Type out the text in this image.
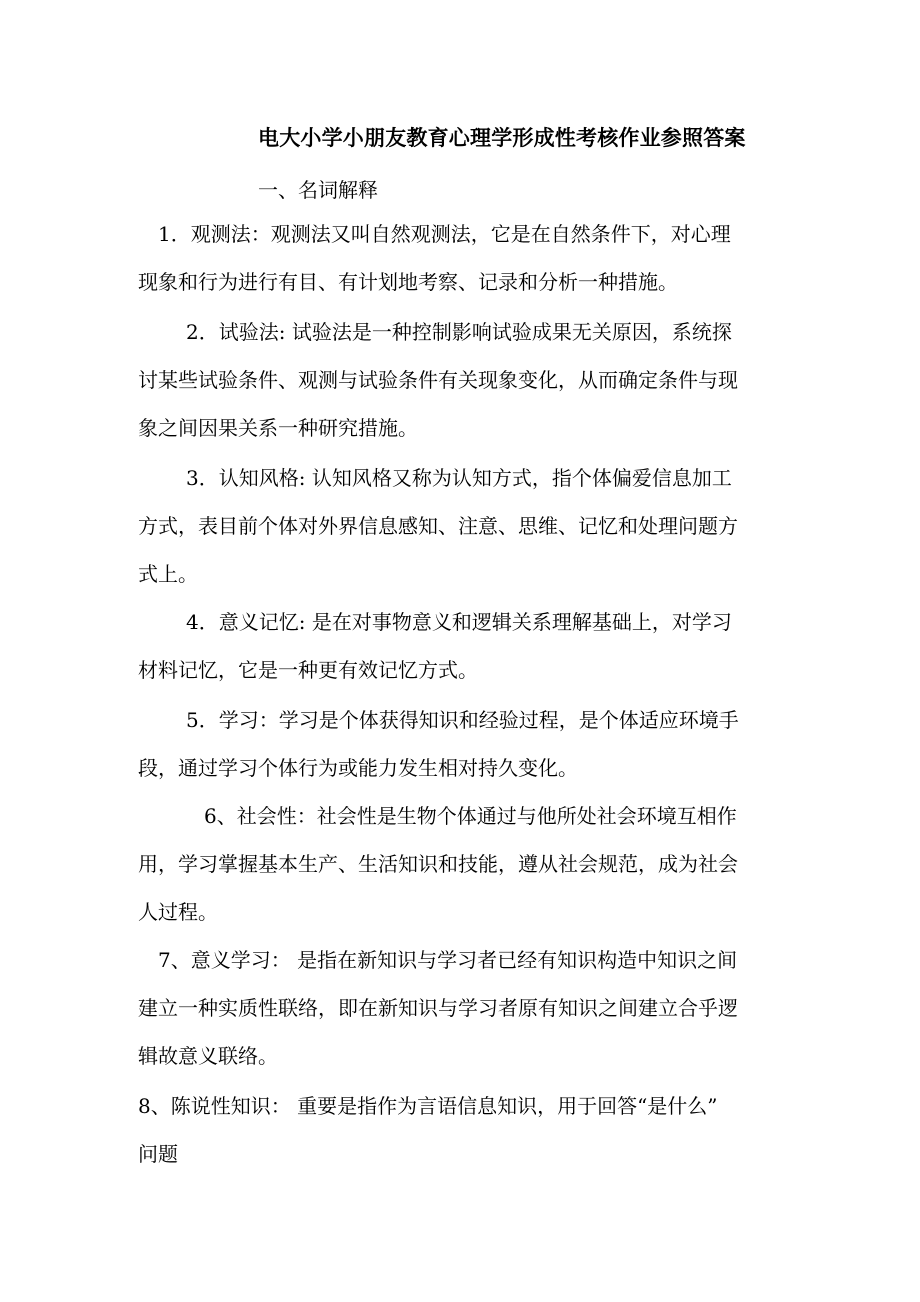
电大小学小朋友教育心理学形成性考核作业参照答案
一、名词解释
1．观测法：观测法又叫自然观测法，它是在自然条件下，对心理
现象和行为进行有目、有计划地考察、记录和分析一种措施。
2．试验法: 试验法是一种控制影响试验成果无关原因，系统探
讨某些试验条件、观测与试验条件有关现象变化，从而确定条件与现
象之间因果关系一种研究措施。
3．认知风格: 认知风格又称为认知方式，指个体偏爱信息加工
方式，表目前个体对外界信息感知、注意、思维、记忆和处理问题方
式上。
4．意义记忆: 是在对事物意义和逻辑关系理解基础上，对学习
材料记忆，它是一种更有效记忆方式。
5．学习：学习是个体获得知识和经验过程，是个体适应环境手
段，通过学习个体行为或能力发生相对持久变化。
6、社会性：社会性是生物个体通过与他所处社会环境互相作
用，学习掌握基本生产、生活知识和技能，遵从社会规范，成为社会
人过程。
7、意义学习： 是指在新知识与学习者已经有知识构造中知识之间
建立一种实质性联络，即在新知识与学习者原有知识之间建立合乎逻
辑故意义联络。
8、陈说性知识： 重要是指作为言语信息知识，用于回答“是什么”
问题
